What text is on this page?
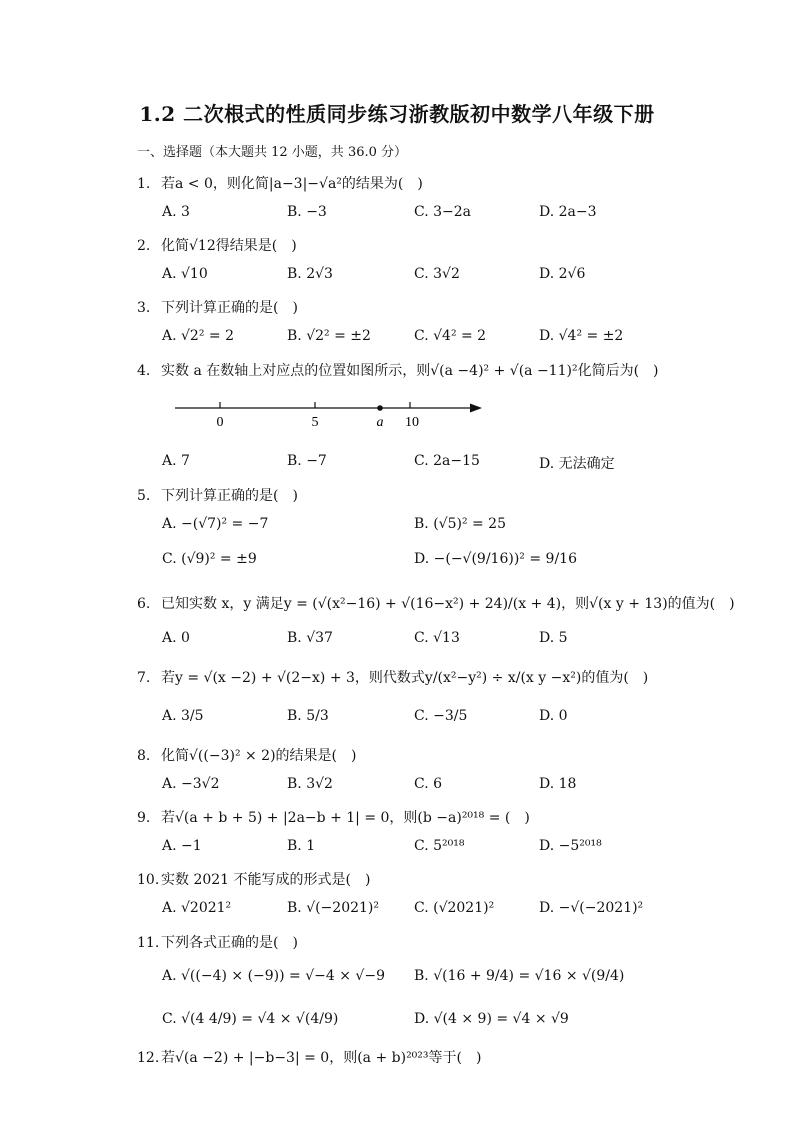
1.2 二次根式的性质同步练习浙教版初中数学八年级下册
一、选择题（本大题共 12 小题，共 36.0 分）
1. 若a < 0，则化简|a−3|−√a²的结果为(　)
A. 3	B. −3	C. 3−2a	D. 2a−3
2. 化简√12得结果是(　)
A. √10	B. 2√3	C. 3√2	D. 2√6
3. 下列计算正确的是(　)
A. √2² = 2	B. √2² = ±2	C. √4² = 2	D. √4² = ±2
4. 实数 a 在数轴上对应点的位置如图所示，则√(a −4)² + √(a −11)²化简后为(　)
0	5	a 10
A. 7	B. −7	C. 2a−15	D. 无法确定
5. 下列计算正确的是(　)
A. −(√7)² = −7	B. (√5)² = 25
C. (√9)² = ±9	D. −(−√(9/16))² = 9/16
6. 已知实数 x，y 满足y = (√(x²−16) + √(16−x²) + 24)/(x + 4)，则√(x y + 13)的值为(　)
A. 0	B. √37	C. √13	D. 5
7. 若y = √(x −2) + √(2−x) + 3，则代数式y/(x²−y²) ÷ x/(x y −x²)的值为(　)
A. 3/5	B. 5/3	C. −3/5	D. 0
8. 化简√((−3)² × 2)的结果是(　)
A. −3√2	B. 3√2	C. 6	D. 18
9. 若√(a + b + 5) + |2a−b + 1| = 0，则(b −a)²⁰¹⁸ = (　)
A. −1	B. 1	C. 5²⁰¹⁸	D. −5²⁰¹⁸
10. 实数 2021 不能写成的形式是(　)
A. √2021²	B. √(−2021)² C. (√2021)²	D. −√(−2021)²
11. 下列各式正确的是(　)
A. √((−4) × (−9)) = √−4 × √−9 B. √(16 + 9/4) = √16 × √(9/4)
C. √(4 4/9) = √4 × √(4/9)	D. √(4 × 9) = √4 × √9
12. 若√(a −2) + |−b−3| = 0，则(a + b)²⁰²³等于(　)
